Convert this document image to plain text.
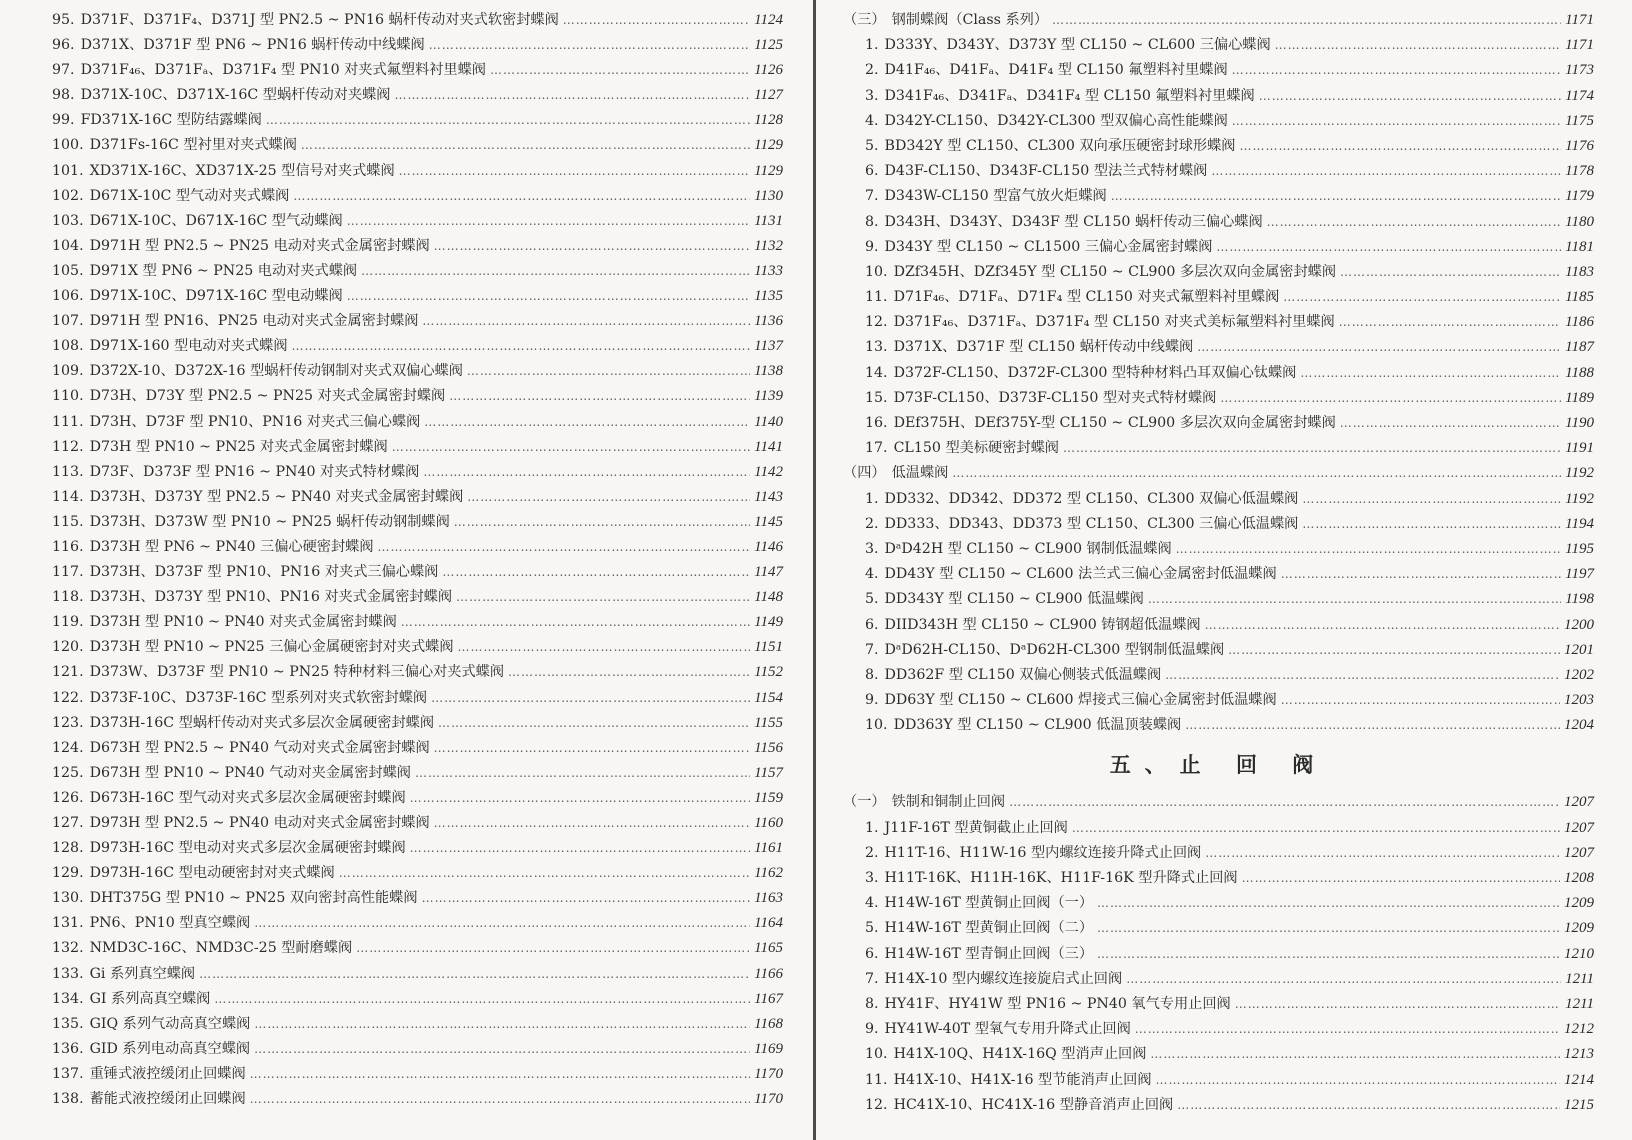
95. D371F、D371F₄、D371J 型 PN2.5 ~ PN16 蜗杆传动对夹式软密封蝶阀 ……………………………………………………………………………………………………………………………………………………………………………………………………	1124
96. D371X、D371F 型 PN6 ~ PN16 蜗杆传动中线蝶阀 ……………………………………………………………………………………………………………………………………………………………………………………………………	1125
97. D371F₄₆、D371Fₐ、D371F₄ 型 PN10 对夹式氟塑料衬里蝶阀 ……………………………………………………………………………………………………………………………………………………………………………………………………	1126
98. D371X-10C、D371X-16C 型蜗杆传动对夹蝶阀 ……………………………………………………………………………………………………………………………………………………………………………………………………	1127
99. FD371X-16C 型防结露蝶阀 ……………………………………………………………………………………………………………………………………………………………………………………………………	1128
100. D371Fs-16C 型衬里对夹式蝶阀 ……………………………………………………………………………………………………………………………………………………………………………………………………	1129
101. XD371X-16C、XD371X-25 型信号对夹式蝶阀 ……………………………………………………………………………………………………………………………………………………………………………………………………	1129
102. D671X-10C 型气动对夹式蝶阀 ……………………………………………………………………………………………………………………………………………………………………………………………………	1130
103. D671X-10C、D671X-16C 型气动蝶阀 ……………………………………………………………………………………………………………………………………………………………………………………………………	1131
104. D971H 型 PN2.5 ~ PN25 电动对夹式金属密封蝶阀 ……………………………………………………………………………………………………………………………………………………………………………………………………	1132
105. D971X 型 PN6 ~ PN25 电动对夹式蝶阀 ……………………………………………………………………………………………………………………………………………………………………………………………………	1133
106. D971X-10C、D971X-16C 型电动蝶阀 ……………………………………………………………………………………………………………………………………………………………………………………………………	1135
107. D971H 型 PN16、PN25 电动对夹式金属密封蝶阀 ……………………………………………………………………………………………………………………………………………………………………………………………………	1136
108. D971X-160 型电动对夹式蝶阀 ……………………………………………………………………………………………………………………………………………………………………………………………………	1137
109. D372X-10、D372X-16 型蜗杆传动钢制对夹式双偏心蝶阀 ……………………………………………………………………………………………………………………………………………………………………………………………………	1138
110. D73H、D73Y 型 PN2.5 ~ PN25 对夹式金属密封蝶阀 ……………………………………………………………………………………………………………………………………………………………………………………………………	1139
111. D73H、D73F 型 PN10、PN16 对夹式三偏心蝶阀 ……………………………………………………………………………………………………………………………………………………………………………………………………	1140
112. D73H 型 PN10 ~ PN25 对夹式金属密封蝶阀 ……………………………………………………………………………………………………………………………………………………………………………………………………	1141
113. D73F、D373F 型 PN16 ~ PN40 对夹式特材蝶阀 ……………………………………………………………………………………………………………………………………………………………………………………………………	1142
114. D373H、D373Y 型 PN2.5 ~ PN40 对夹式金属密封蝶阀 ……………………………………………………………………………………………………………………………………………………………………………………………………	1143
115. D373H、D373W 型 PN10 ~ PN25 蜗杆传动钢制蝶阀 ……………………………………………………………………………………………………………………………………………………………………………………………………	1145
116. D373H 型 PN6 ~ PN40 三偏心硬密封蝶阀 ……………………………………………………………………………………………………………………………………………………………………………………………………	1146
117. D373H、D373F 型 PN10、PN16 对夹式三偏心蝶阀 ……………………………………………………………………………………………………………………………………………………………………………………………………	1147
118. D373H、D373Y 型 PN10、PN16 对夹式金属密封蝶阀 ……………………………………………………………………………………………………………………………………………………………………………………………………	1148
119. D373H 型 PN10 ~ PN40 对夹式金属密封蝶阀 ……………………………………………………………………………………………………………………………………………………………………………………………………	1149
120. D373H 型 PN10 ~ PN25 三偏心金属硬密封对夹式蝶阀 ……………………………………………………………………………………………………………………………………………………………………………………………………	1151
121. D373W、D373F 型 PN10 ~ PN25 特种材料三偏心对夹式蝶阀 ……………………………………………………………………………………………………………………………………………………………………………………………………	1152
122. D373F-10C、D373F-16C 型系列对夹式软密封蝶阀 ……………………………………………………………………………………………………………………………………………………………………………………………………	1154
123. D373H-16C 型蜗杆传动对夹式多层次金属硬密封蝶阀 ……………………………………………………………………………………………………………………………………………………………………………………………………	1155
124. D673H 型 PN2.5 ~ PN40 气动对夹式金属密封蝶阀 ……………………………………………………………………………………………………………………………………………………………………………………………………	1156
125. D673H 型 PN10 ~ PN40 气动对夹金属密封蝶阀 ……………………………………………………………………………………………………………………………………………………………………………………………………	1157
126. D673H-16C 型气动对夹式多层次金属硬密封蝶阀 ……………………………………………………………………………………………………………………………………………………………………………………………………	1159
127. D973H 型 PN2.5 ~ PN40 电动对夹式金属密封蝶阀 ……………………………………………………………………………………………………………………………………………………………………………………………………	1160
128. D973H-16C 型电动对夹式多层次金属硬密封蝶阀 ……………………………………………………………………………………………………………………………………………………………………………………………………	1161
129. D973H-16C 型电动硬密封对夹式蝶阀 ……………………………………………………………………………………………………………………………………………………………………………………………………	1162
130. DHT375G 型 PN10 ~ PN25 双向密封高性能蝶阀 ……………………………………………………………………………………………………………………………………………………………………………………………………	1163
131. PN6、PN10 型真空蝶阀 ……………………………………………………………………………………………………………………………………………………………………………………………………	1164
132. NMD3C-16C、NMD3C-25 型耐磨蝶阀 ……………………………………………………………………………………………………………………………………………………………………………………………………	1165
133. Gi 系列真空蝶阀 ……………………………………………………………………………………………………………………………………………………………………………………………………	1166
134. GI 系列高真空蝶阀 ……………………………………………………………………………………………………………………………………………………………………………………………………	1167
135. GIQ 系列气动高真空蝶阀 ……………………………………………………………………………………………………………………………………………………………………………………………………	1168
136. GID 系列电动高真空蝶阀 ……………………………………………………………………………………………………………………………………………………………………………………………………	1169
137. 重锤式液控缓闭止回蝶阀 ……………………………………………………………………………………………………………………………………………………………………………………………………	1170
138. 蓄能式液控缓闭止回蝶阀 ……………………………………………………………………………………………………………………………………………………………………………………………………	1170
（三） 钢制蝶阀（Class 系列） ……………………………………………………………………………………………………………………………………………………………………………………………………	1171
1. D333Y、D343Y、D373Y 型 CL150 ~ CL600 三偏心蝶阀 ……………………………………………………………………………………………………………………………………………………………………………………………………	1171
2. D41F₄₆、D41Fₐ、D41F₄ 型 CL150 氟塑料衬里蝶阀 ……………………………………………………………………………………………………………………………………………………………………………………………………	1173
3. D341F₄₆、D341Fₐ、D341F₄ 型 CL150 氟塑料衬里蝶阀 ……………………………………………………………………………………………………………………………………………………………………………………………………	1174
4. D342Y-CL150、D342Y-CL300 型双偏心高性能蝶阀 ……………………………………………………………………………………………………………………………………………………………………………………………………	1175
5. BD342Y 型 CL150、CL300 双向承压硬密封球形蝶阀 ……………………………………………………………………………………………………………………………………………………………………………………………………	1176
6. D43F-CL150、D343F-CL150 型法兰式特材蝶阀 ……………………………………………………………………………………………………………………………………………………………………………………………………	1178
7. D343W-CL150 型富气放火炬蝶阀 ……………………………………………………………………………………………………………………………………………………………………………………………………	1179
8. D343H、D343Y、D343F 型 CL150 蜗杆传动三偏心蝶阀 ……………………………………………………………………………………………………………………………………………………………………………………………………	1180
9. D343Y 型 CL150 ~ CL1500 三偏心金属密封蝶阀 ……………………………………………………………………………………………………………………………………………………………………………………………………	1181
10. DZf345H、DZf345Y 型 CL150 ~ CL900 多层次双向金属密封蝶阀 ……………………………………………………………………………………………………………………………………………………………………………………………………	1183
11. D71F₄₆、D71Fₐ、D71F₄ 型 CL150 对夹式氟塑料衬里蝶阀 ……………………………………………………………………………………………………………………………………………………………………………………………………	1185
12. D371F₄₆、D371Fₐ、D371F₄ 型 CL150 对夹式美标氟塑料衬里蝶阀 ……………………………………………………………………………………………………………………………………………………………………………………………………	1186
13. D371X、D371F 型 CL150 蜗杆传动中线蝶阀 ……………………………………………………………………………………………………………………………………………………………………………………………………	1187
14. D372F-CL150、D372F-CL300 型特种材料凸耳双偏心钛蝶阀 ……………………………………………………………………………………………………………………………………………………………………………………………………	1188
15. D73F-CL150、D373F-CL150 型对夹式特材蝶阀 ……………………………………………………………………………………………………………………………………………………………………………………………………	1189
16. DEf375H、DEf375Y-型 CL150 ~ CL900 多层次双向金属密封蝶阀 ……………………………………………………………………………………………………………………………………………………………………………………………………	1190
17. CL150 型美标硬密封蝶阀 ……………………………………………………………………………………………………………………………………………………………………………………………………	1191
（四） 低温蝶阀 ……………………………………………………………………………………………………………………………………………………………………………………………………	1192
1. DD332、DD342、DD372 型 CL150、CL300 双偏心低温蝶阀 ……………………………………………………………………………………………………………………………………………………………………………………………………	1192
2. DD333、DD343、DD373 型 CL150、CL300 三偏心低温蝶阀 ……………………………………………………………………………………………………………………………………………………………………………………………………	1194
3. DᵃD42H 型 CL150 ~ CL900 钢制低温蝶阀 ……………………………………………………………………………………………………………………………………………………………………………………………………	1195
4. DD43Y 型 CL150 ~ CL600 法兰式三偏心金属密封低温蝶阀 ……………………………………………………………………………………………………………………………………………………………………………………………………	1197
5. DD343Y 型 CL150 ~ CL900 低温蝶阀 ……………………………………………………………………………………………………………………………………………………………………………………………………	1198
6. DIID343H 型 CL150 ~ CL900 铸钢超低温蝶阀 ……………………………………………………………………………………………………………………………………………………………………………………………………	1200
7. DᵃD62H-CL150、DᵃD62H-CL300 型钢制低温蝶阀 ……………………………………………………………………………………………………………………………………………………………………………………………………	1201
8. DD362F 型 CL150 双偏心侧装式低温蝶阀 ……………………………………………………………………………………………………………………………………………………………………………………………………	1202
9. DD63Y 型 CL150 ~ CL600 焊接式三偏心金属密封低温蝶阀 ……………………………………………………………………………………………………………………………………………………………………………………………………	1203
10. DD363Y 型 CL150 ~ CL900 低温顶装蝶阀 ……………………………………………………………………………………………………………………………………………………………………………………………………	1204
五、止 回 阀
（一） 铁制和铜制止回阀 ……………………………………………………………………………………………………………………………………………………………………………………………………	1207
1. J11F-16T 型黄铜截止止回阀 ……………………………………………………………………………………………………………………………………………………………………………………………………	1207
2. H11T-16、H11W-16 型内螺纹连接升降式止回阀 ……………………………………………………………………………………………………………………………………………………………………………………………………	1207
3. H11T-16K、H11H-16K、H11F-16K 型升降式止回阀 ……………………………………………………………………………………………………………………………………………………………………………………………………	1208
4. H14W-16T 型黄铜止回阀（一） ……………………………………………………………………………………………………………………………………………………………………………………………………	1209
5. H14W-16T 型黄铜止回阀（二） ……………………………………………………………………………………………………………………………………………………………………………………………………	1209
6. H14W-16T 型青铜止回阀（三） ……………………………………………………………………………………………………………………………………………………………………………………………………	1210
7. H14X-10 型内螺纹连接旋启式止回阀 ……………………………………………………………………………………………………………………………………………………………………………………………………	1211
8. HY41F、HY41W 型 PN16 ~ PN40 氧气专用止回阀 ……………………………………………………………………………………………………………………………………………………………………………………………………	1211
9. HY41W-40T 型氧气专用升降式止回阀 ……………………………………………………………………………………………………………………………………………………………………………………………………	1212
10. H41X-10Q、H41X-16Q 型消声止回阀 ……………………………………………………………………………………………………………………………………………………………………………………………………	1213
11. H41X-10、H41X-16 型节能消声止回阀 ……………………………………………………………………………………………………………………………………………………………………………………………………	1214
12. HC41X-10、HC41X-16 型静音消声止回阀 ……………………………………………………………………………………………………………………………………………………………………………………………………	1215
